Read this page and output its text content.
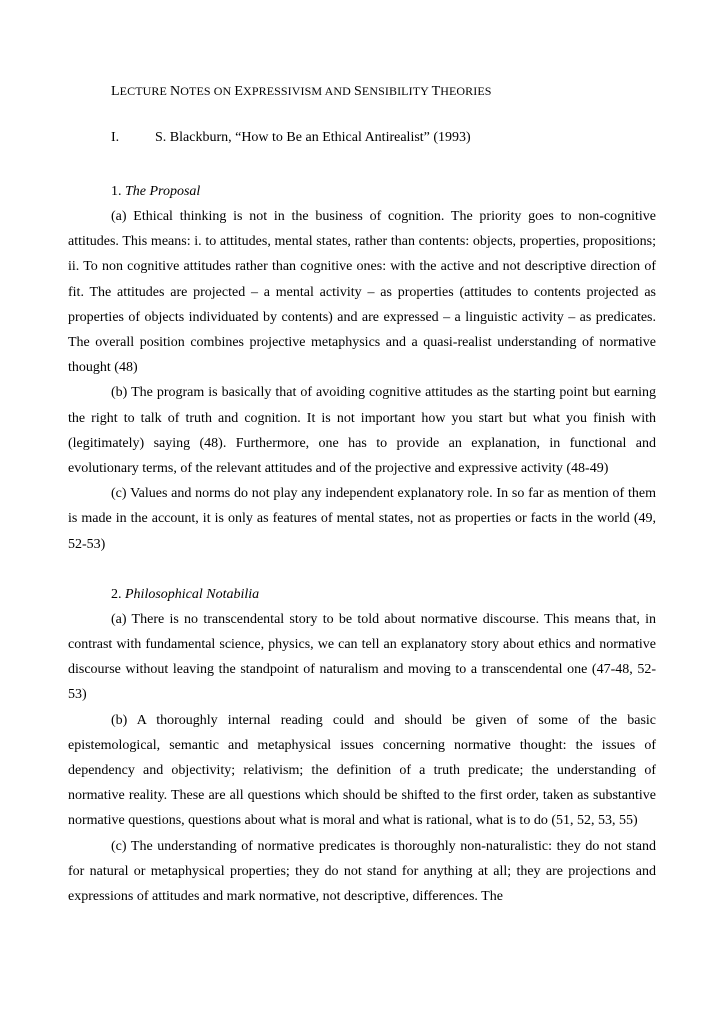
LECTURE NOTES ON EXPRESSIVISM AND SENSIBILITY THEORIES
I.	S. Blackburn, “How to Be an Ethical Antirealist” (1993)
1. The Proposal

(a) Ethical thinking is not in the business of cognition. The priority goes to non-cognitive attitudes. This means: i. to attitudes, mental states, rather than contents: objects, properties, propositions; ii. To non cognitive attitudes rather than cognitive ones: with the active and not descriptive direction of fit. The attitudes are projected – a mental activity – as properties (attitudes to contents projected as properties of objects individuated by contents) and are expressed – a linguistic activity – as predicates. The overall position combines projective metaphysics and a quasi-realist understanding of normative thought (48)

(b) The program is basically that of avoiding cognitive attitudes as the starting point but earning the right to talk of truth and cognition. It is not important how you start but what you finish with (legitimately) saying (48). Furthermore, one has to provide an explanation, in functional and evolutionary terms, of the relevant attitudes and of the projective and expressive activity (48-49)

(c) Values and norms do not play any independent explanatory role. In so far as mention of them is made in the account, it is only as features of mental states, not as properties or facts in the world (49, 52-53)

2. Philosophical Notabilia

(a) There is no transcendental story to be told about normative discourse. This means that, in contrast with fundamental science, physics, we can tell an explanatory story about ethics and normative discourse without leaving the standpoint of naturalism and moving to a transcendental one (47-48, 52-53)

(b) A thoroughly internal reading could and should be given of some of the basic epistemological, semantic and metaphysical issues concerning normative thought: the issues of dependency and objectivity; relativism; the definition of a truth predicate; the understanding of normative reality. These are all questions which should be shifted to the first order, taken as substantive normative questions, questions about what is moral and what is rational, what is to do (51, 52, 53, 55)

(c) The understanding of normative predicates is thoroughly non-naturalistic: they do not stand for natural or metaphysical properties; they do not stand for anything at all; they are projections and expressions of attitudes and mark normative, not descriptive, differences. The
